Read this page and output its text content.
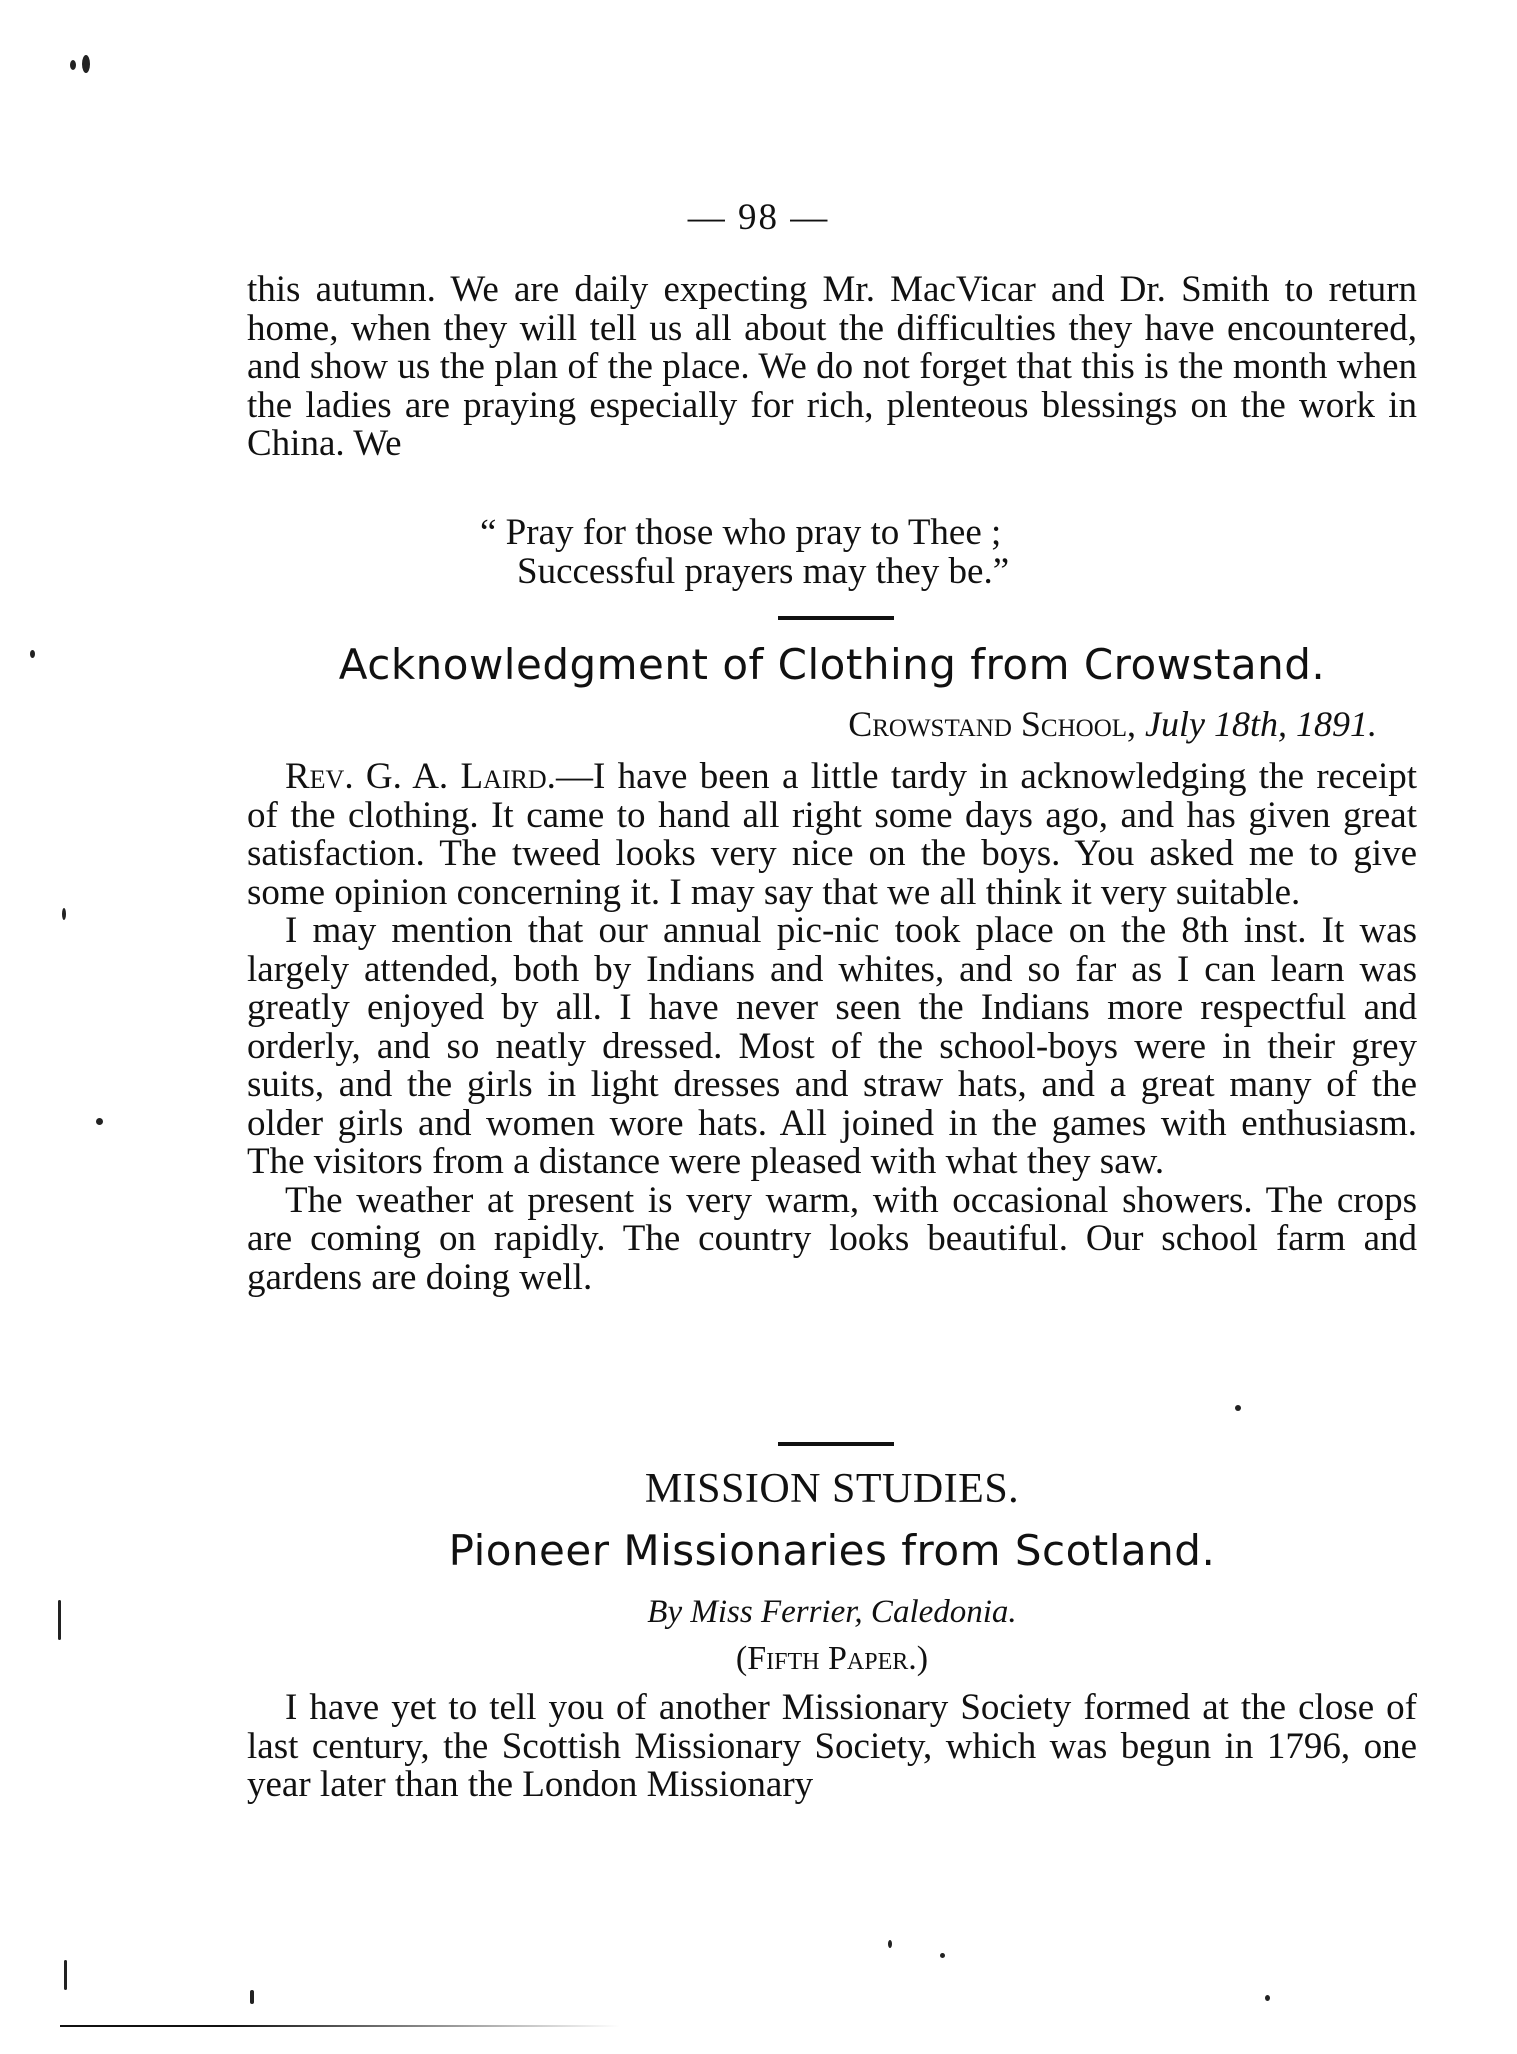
— 98 —

this autumn. We are daily expecting Mr. MacVicar and Dr. Smith to return home, when they will tell us all about the difficulties they have encountered, and show us the plan of the place. We do not forget that this is the month when the ladies are praying especially for rich, plenteous blessings on the work in China. We

“ Pray for those who pray to Thee ;
Successful prayers may they be.”
Acknowledgment of Clothing from Crowstand.
Crowstand School, July 18th, 1891.

Rev. G. A. Laird.—I have been a little tardy in acknowledging the receipt of the clothing. It came to hand all right some days ago, and has given great satisfaction. The tweed looks very nice on the boys. You asked me to give some opinion concerning it. I may say that we all think it very suitable.

I may mention that our annual pic-nic took place on the 8th inst. It was largely attended, both by Indians and whites, and so far as I can learn was greatly enjoyed by all. I have never seen the Indians more respectful and orderly, and so neatly dressed. Most of the school-boys were in their grey suits, and the girls in light dresses and straw hats, and a great many of the older girls and women wore hats. All joined in the games with enthusiasm. The visitors from a distance were pleased with what they saw.

The weather at present is very warm, with occasional showers. The crops are coming on rapidly. The country looks beautiful. Our school farm and gardens are doing well.

MISSION STUDIES.
Pioneer Missionaries from Scotland.
By Miss Ferrier, Caledonia.
(Fifth Paper.)

I have yet to tell you of another Missionary Society formed at the close of last century, the Scottish Missionary Society, which was begun in 1796, one year later than the London Missionary
